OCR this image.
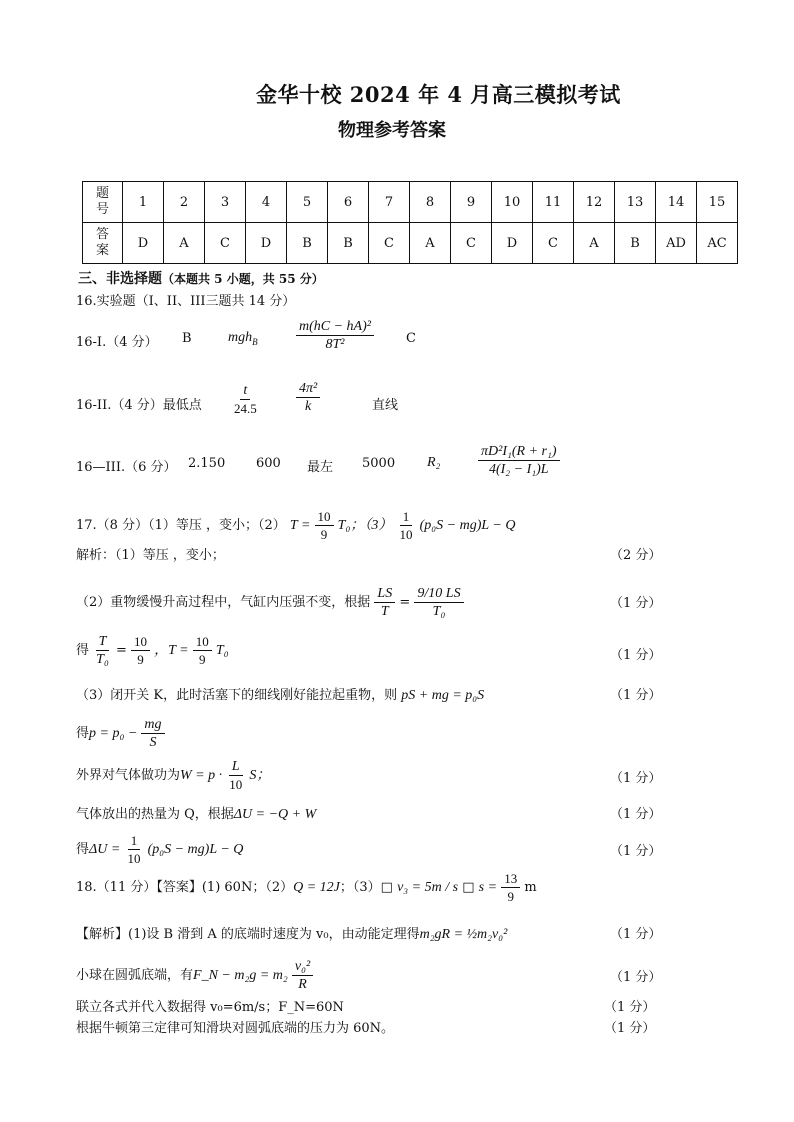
金华十校 2024 年 4 月高三模拟考试
物理参考答案
题号	1	2	3	4	5	6	7	8	9	10	11	12	13	14	15
答案	D	A	C	D	B	B	C	A	C	D	C	A	B	AD	AC
三、非选择题（本题共 5 小题，共 55 分）
16.实验题（I、II、III三题共 14 分）
16-I.（4 分） B	mgh$_B$	$\frac{\text{m(hC − hA)²}}{\text{8T²}}$ C
16-II.（4 分）最低点 $\frac{t}{24.5}$	$\frac{\text{4π²}}{k}$	直线
16—III.（6 分） 2.150 600 最左 5000 R₂	$\frac{\text{πD²I₁(R + r₁)}}{\text{4(I₂ − I₁)L}}$
17.（8 分）（1）等压 ，变小；（2） $T = \frac{10}{9} T_0$；$(3) \frac{1}{10} (p_0S - mg)L - Q$
解析：（1）等压 ，变小；	（2 分）
（2）重物缓慢升高过程中，气缸内压强不变，根据 $\frac{LS}{T} = \frac{9/10 LS}{\text{T₀}}$	（1 分）
得 $\frac{T}{\text{T₀}} = \frac{10}{9}$ ，$T = \frac{10}{9} T_0$	（1 分）
（3）闭开关 K，此时活塞下的细线刚好能拉起重物，则 pS + mg = p₀S	（1 分）
得$p = p_0 - \frac{mg}{S}$
外界对气体做功为$W = p \cdot \frac{L}{10}$ S；	（1 分）
气体放出的热量为 Q，根据ΔU = −Q + W	（1 分）
得$\Delta U = \frac{1}{10} (p_0S - mg)L - Q$	（1 分）
18.（11 分）【答案】(1) 60N；（2）Q = 12J；（3）□ v₃ = 5m / s □ $s = \frac{13}{9}$ m
【解析】(1)设 B 滑到 A 的底端时速度为 v₀，由动能定理得m₂gR = ½m₂v₀²	（1 分）
小球在圆弧底端，有F_N − $m_2g = m_2 \frac{\text{v₀²}}{R}$	（1 分）
联立各式并代入数据得 v₀=6m/s；F_N=60N	（1 分）
根据牛顿第三定律可知滑块对圆弧底端的压力为 60N。	（1 分）
